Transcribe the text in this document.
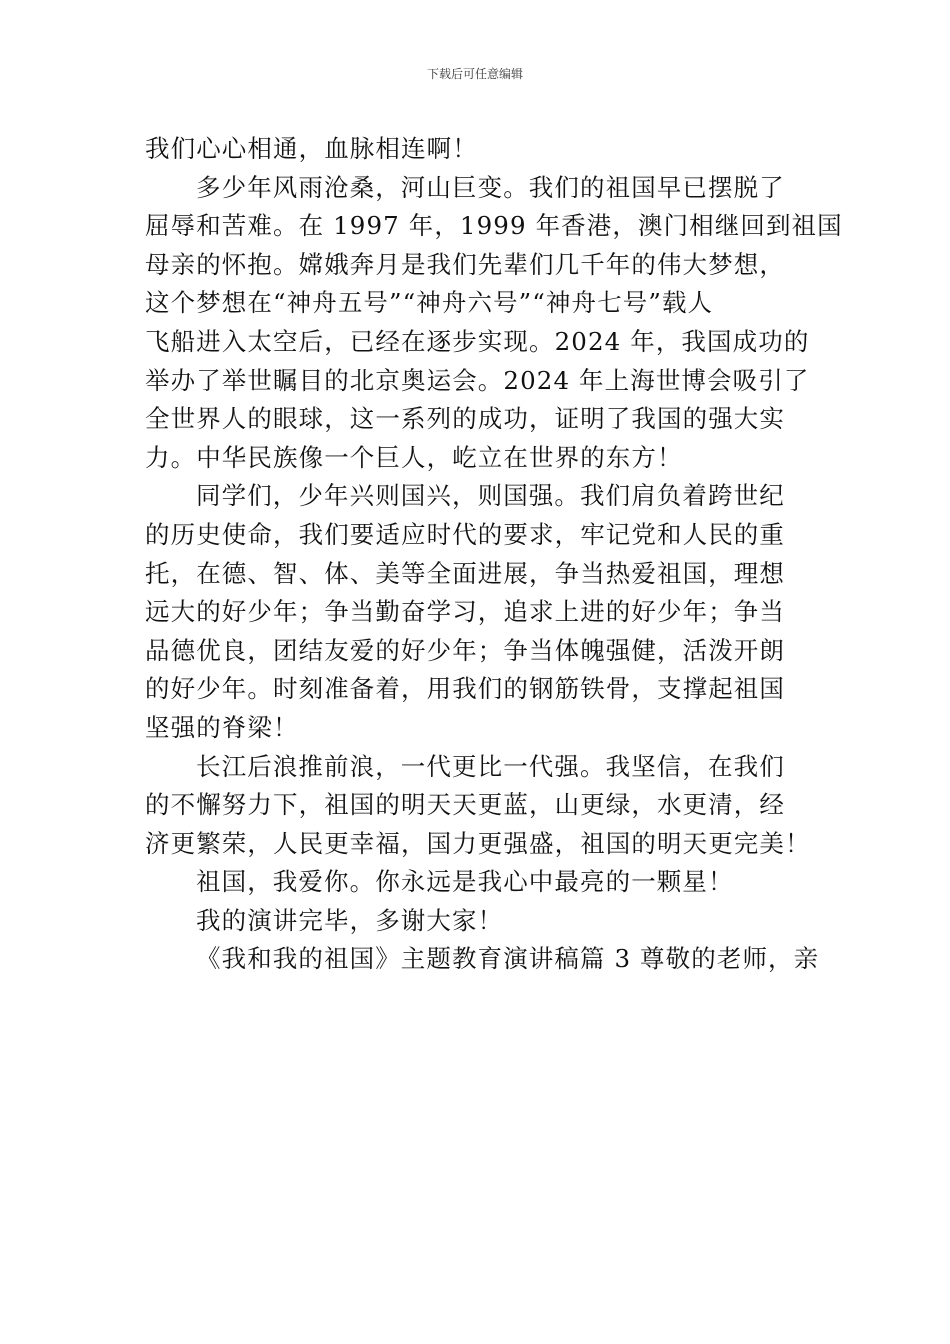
下载后可任意编辑

我们心心相通，血脉相连啊！
多少年风雨沧桑，河山巨变。我们的祖国早已摆脱了
屈辱和苦难。在 1997 年，1999 年香港，澳门相继回到祖国
母亲的怀抱。嫦娥奔月是我们先辈们几千年的伟大梦想，
这个梦想在“神舟五号”“神舟六号”“神舟七号”载人
飞船进入太空后，已经在逐步实现。2024 年，我国成功的
举办了举世瞩目的北京奥运会。2024 年上海世博会吸引了
全世界人的眼球，这一系列的成功，证明了我国的强大实
力。中华民族像一个巨人，屹立在世界的东方！
同学们，少年兴则国兴，则国强。我们肩负着跨世纪
的历史使命，我们要适应时代的要求，牢记党和人民的重
托，在德、智、体、美等全面进展，争当热爱祖国，理想
远大的好少年；争当勤奋学习，追求上进的好少年；争当
品德优良，团结友爱的好少年；争当体魄强健，活泼开朗
的好少年。时刻准备着，用我们的钢筋铁骨，支撑起祖国
坚强的脊梁！
长江后浪推前浪，一代更比一代强。我坚信，在我们
的不懈努力下，祖国的明天天更蓝，山更绿，水更清，经
济更繁荣，人民更幸福，国力更强盛，祖国的明天更完美！
祖国，我爱你。你永远是我心中最亮的一颗星！
我的演讲完毕，多谢大家！
《我和我的祖国》主题教育演讲稿篇 3 尊敬的老师，亲
